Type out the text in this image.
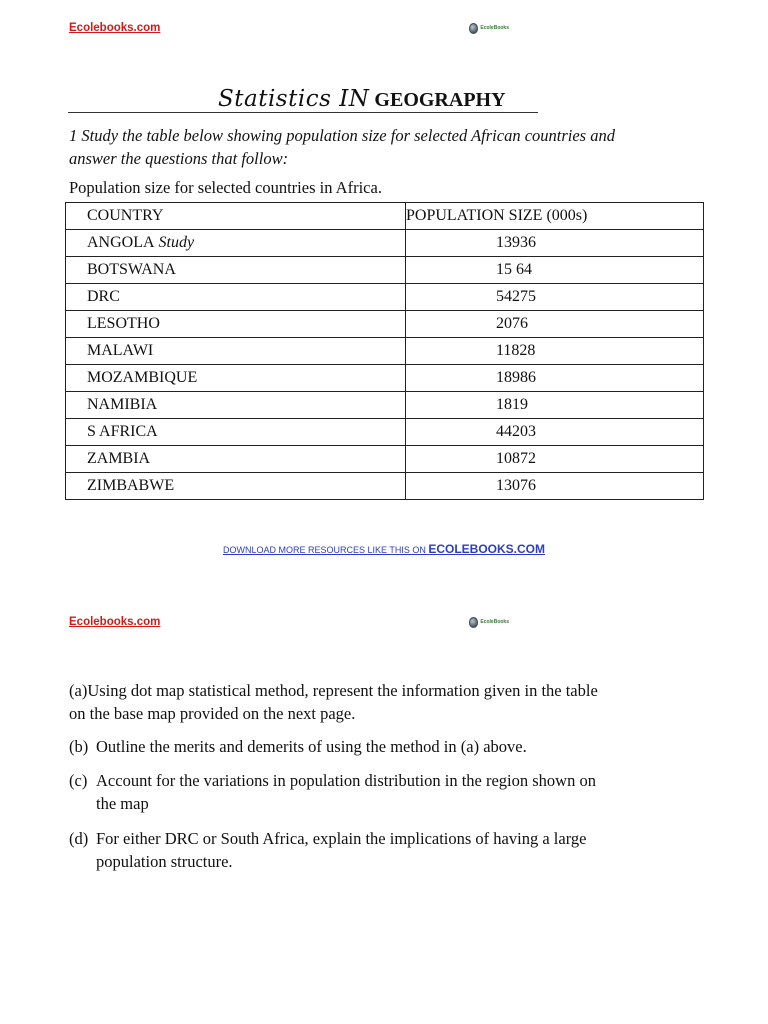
Ecolebooks.com	EcoleBooks
Statistics IN GEOGRAPHY
1 Study the table below showing population size for selected African countries and
answer the questions that follow:
Population size for selected countries in Africa.
COUNTRY	POPULATION SIZE (000s)
ANGOLA Study	13936
BOTSWANA	15 64
DRC	54275
LESOTHO	2076
MALAWI	11828
MOZAMBIQUE	18986
NAMIBIA	1819
S AFRICA	44203
ZAMBIA	10872
ZIMBABWE	13076
DOWNLOAD MORE RESOURCES LIKE THIS ON ECOLEBOOKS.COM
Ecolebooks.com	EcoleBooks
(a)Using dot map statistical method, represent the information given in the table
on the base map provided on the next page.
(b) Outline the merits and demerits of using the method in (a) above.
(c) Account for the variations in population distribution in the region shown on
the map
(d) For either DRC or South Africa, explain the implications of having a large
population structure.
